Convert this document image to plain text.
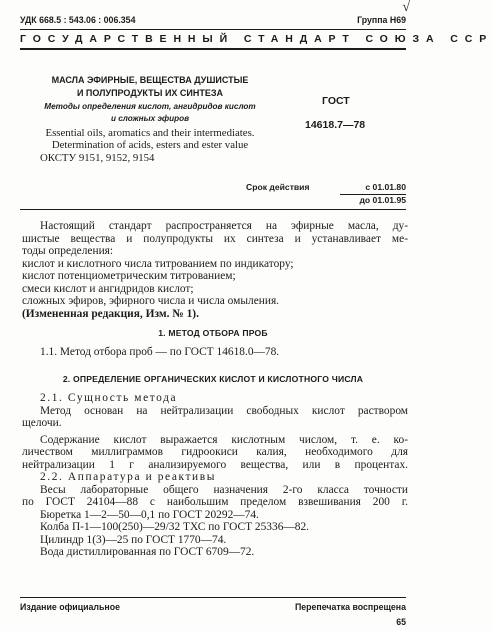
УДК 668.5 : 543.06 : 006.354	Группа Н69
√
ГОСУДАРСТВЕННЫЙ СТАНДАРТ СОЮЗА ССР
МАСЛА ЭФИРНЫЕ, ВЕЩЕСТВА ДУШИСТЫЕ
И ПОЛУПРОДУКТЫ ИХ СИНТЕЗА
Методы определения кислот, ангидридов кислот
и сложных эфиров
Essential oils, aromatics and their intermediates.
Determination of acids, esters and ester value
ОКСТУ 9151, 9152, 9154
ГОСТ
14618.7—78
Срок действия	с 01.01.80
до 01.01.95
Настоящий стандарт распространяется на эфирные масла, ду-
шистые вещества и полупродукты их синтеза и устанавливает ме-
тоды определения:
кислот и кислотного числа титрованием по индикатору;
кислот потенциометрическим титрованием;
смеси кислот и ангидридов кислот;
сложных эфиров, эфирного числа и числа омыления.
(Измененная редакция, Изм. № 1).
1. МЕТОД ОТБОРА ПРОБ
1.1. Метод отбора проб — по ГОСТ 14618.0—78.
2. ОПРЕДЕЛЕНИЕ ОРГАНИЧЕСКИХ КИСЛОТ И КИСЛОТНОГО ЧИСЛА
2.1. Сущность метода
Метод основан на нейтрализации свободных кислот раствором
щелочи.
Содержание кислот выражается кислотным числом, т. е. ко-
личеством миллиграммов гидроокиси калия, необходимого для
нейтрализации 1 г анализируемого вещества, или в процентах.
2.2. Аппаратура и реактивы
Весы лабораторные общего назначения 2-го класса точности
по ГОСТ 24104—88 с наибольшим пределом взвешивания 200 г.
Бюретка 1—2—50—0,1 по ГОСТ 20292—74.
Колба П-1—100(250)—29/32 ТХС по ГОСТ 25336—82.
Цилиндр 1(3)—25 по ГОСТ 1770—74.
Вода дистиллированная по ГОСТ 6709—72.
Издание официальное	Перепечатка воспрещена
65
